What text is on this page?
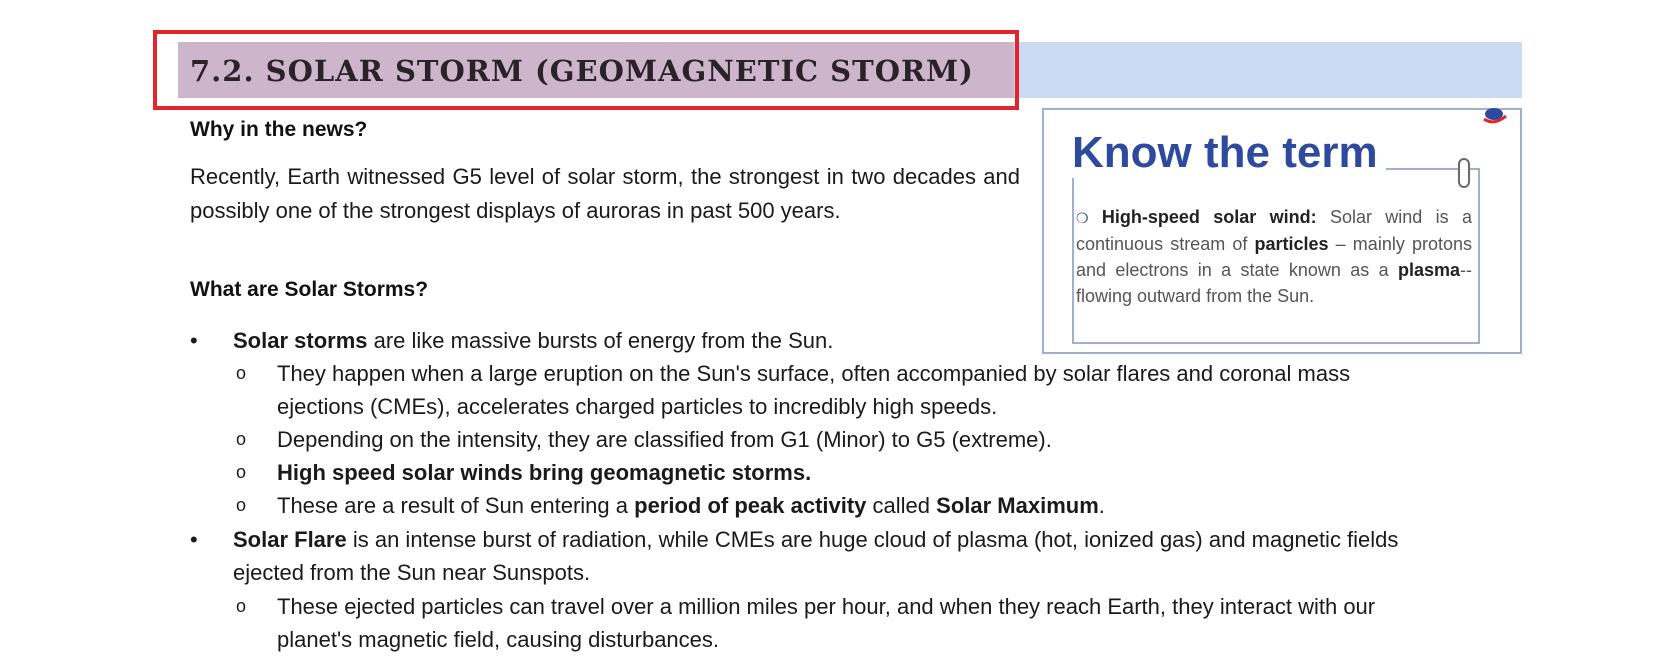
7.2. SOLAR STORM (GEOMAGNETIC STORM)
Why in the news?
Recently, Earth witnessed G5 level of solar storm, the strongest in two decades and possibly one of the strongest displays of auroras in past 500 years.
What are Solar Storms?
Know the term
❍ High-speed solar wind: Solar wind is a continuous stream of particles – mainly protons and electrons in a state known as a plasma--flowing outward from the Sun.
• Solar storms are like massive bursts of energy from the Sun.
o They happen when a large eruption on the Sun's surface, often accompanied by solar flares and coronal mass
ejections (CMEs), accelerates charged particles to incredibly high speeds.
o Depending on the intensity, they are classified from G1 (Minor) to G5 (extreme).
o High speed solar winds bring geomagnetic storms.
o These are a result of Sun entering a period of peak activity called Solar Maximum.
• Solar Flare is an intense burst of radiation, while CMEs are huge cloud of plasma (hot, ionized gas) and magnetic fields
ejected from the Sun near Sunspots.
o These ejected particles can travel over a million miles per hour, and when they reach Earth, they interact with our
planet's magnetic field, causing disturbances.
